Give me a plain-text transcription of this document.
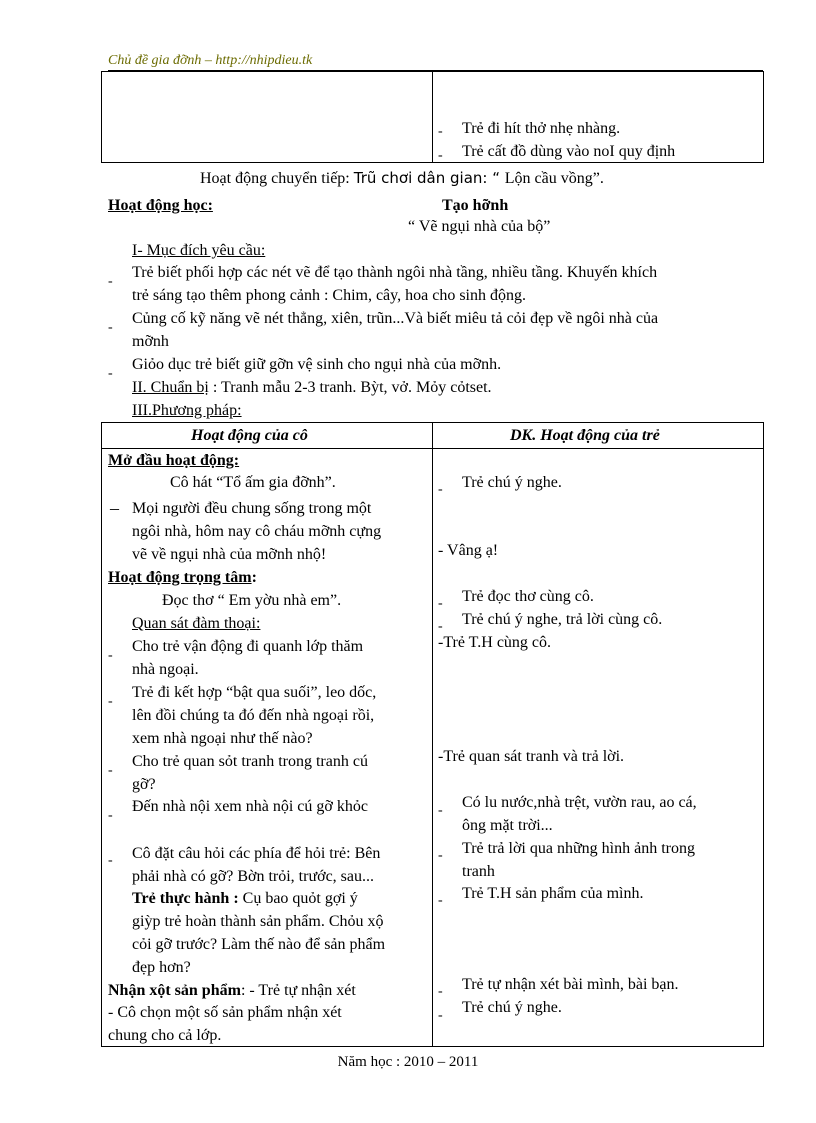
Chủ đề gia đỡnh – http://nhipdieu.tk
- Trẻ đi hít thở nhẹ nhàng.
- Trẻ cất đồ dùng vào noI quy định
Hoạt động chuyển tiếp: Trũ chơi dân gian: “ Lộn cầu vồng”.
Hoạt động học:	Tạo hỡnh
“ Vẽ ngụi nhà của bộ”
I- Mục đích yêu cầu:
-
Trẻ biết phối hợp các nét vẽ để tạo thành ngôi nhà tầng, nhiều tầng. Khuyến khích
trẻ sáng tạo thêm phong cảnh : Chim, cây, hoa cho sinh động.
-
Củng cố kỹ năng vẽ nét thẳng, xiên, trũn...Và biết miêu tả cỏi đẹp về ngôi nhà của
mỡnh
-
Giỏo dục trẻ biết giữ gỡn vệ sinh cho ngụi nhà của mỡnh.
II. Chuẩn bị : Tranh mẫu 2-3 tranh. Bỳt, vở. Mỏy cỏtset.
III.Phương pháp:
Hoạt động của cô	DK. Hoạt động của trẻ
Mở đầu hoạt động:
Cô hát “Tổ ấm gia đỡnh”.
– Mọi người đều chung sống trong một
ngôi nhà, hôm nay cô cháu mỡnh cựng
vẽ về ngụi nhà của mỡnh nhộ!
Hoạt động trọng tâm:
Đọc thơ “ Em yờu nhà em”.
Quan sát đàm thoại:
-
Cho trẻ vận động đi quanh lớp thăm
nhà ngoại.
-
Trẻ đi kết hợp “bật qua suối”, leo dốc,
lên đồi chúng ta đó đến nhà ngoại rồi,
xem nhà ngoại như thế nào?
-
Cho trẻ quan sỏt tranh trong tranh cú
gỡ?
-
Đến nhà nội xem nhà nội cú gỡ khỏc
- Cô đặt câu hỏi các phía để hỏi trẻ: Bên
phải nhà có gỡ? Bờn trỏi, trước, sau...
Trẻ thực hành : Cụ bao quỏt gợi ý
giỳp trẻ hoàn thành sản phẩm. Chỏu xộ
cỏi gỡ trước? Làm thế nào để sản phẩm
đẹp hơn?
Nhận xột sản phẩm: - Trẻ tự nhận xét
- Cô chọn một số sản phẩm nhận xét
chung cho cả lớp.
- Trẻ chú ý nghe.
- Vâng ạ!
- Trẻ đọc thơ cùng cô.
- Trẻ chú ý nghe, trả lời cùng cô.
-Trẻ T.H cùng cô.
-Trẻ quan sát tranh và trả lời.
- Có lu nước,nhà trệt, vườn rau, ao cá,
ông mặt trời...
- Trẻ trả lời qua những hình ảnh trong
tranh
- Trẻ T.H sản phẩm của mình.
- Trẻ tự nhận xét bài mình, bài bạn.
- Trẻ chú ý nghe.
Năm học : 2010 – 2011
